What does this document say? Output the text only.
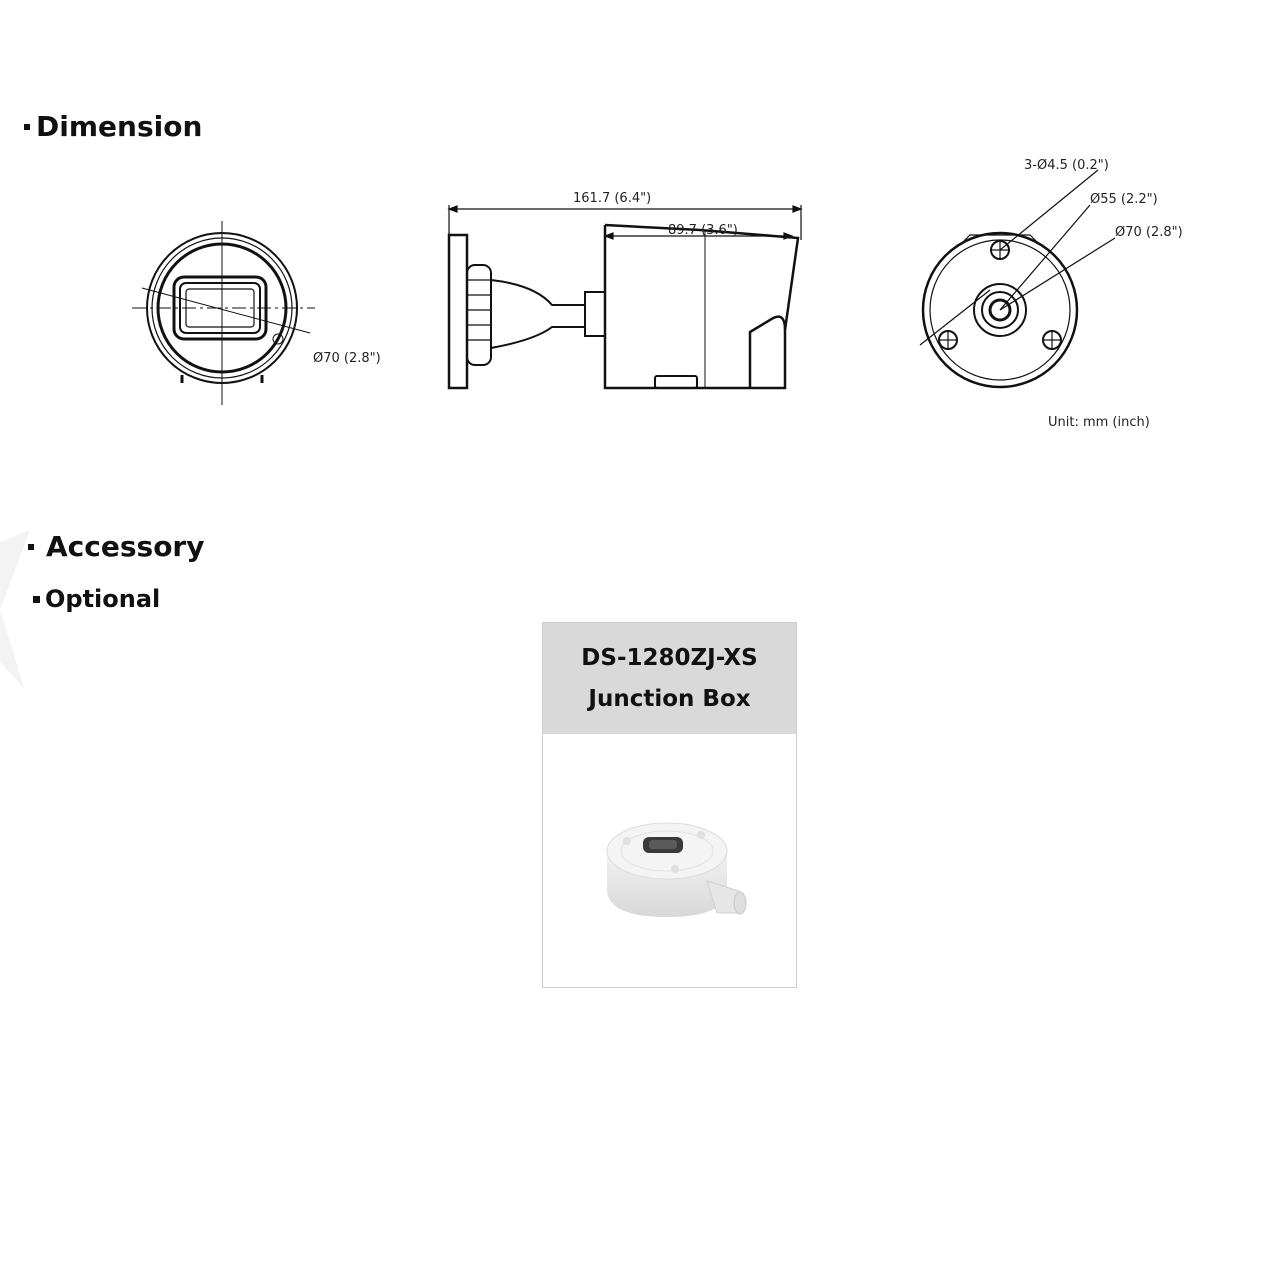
Dimension
Ø70 (2.8")
161.7 (6.4")
89.7 (3.6")
3-Ø4.5 (0.2")
Ø55 (2.2")
Ø70 (2.8")
Unit: mm (inch)
Accessory
Optional
DS-1280ZJ-XS
Junction Box
